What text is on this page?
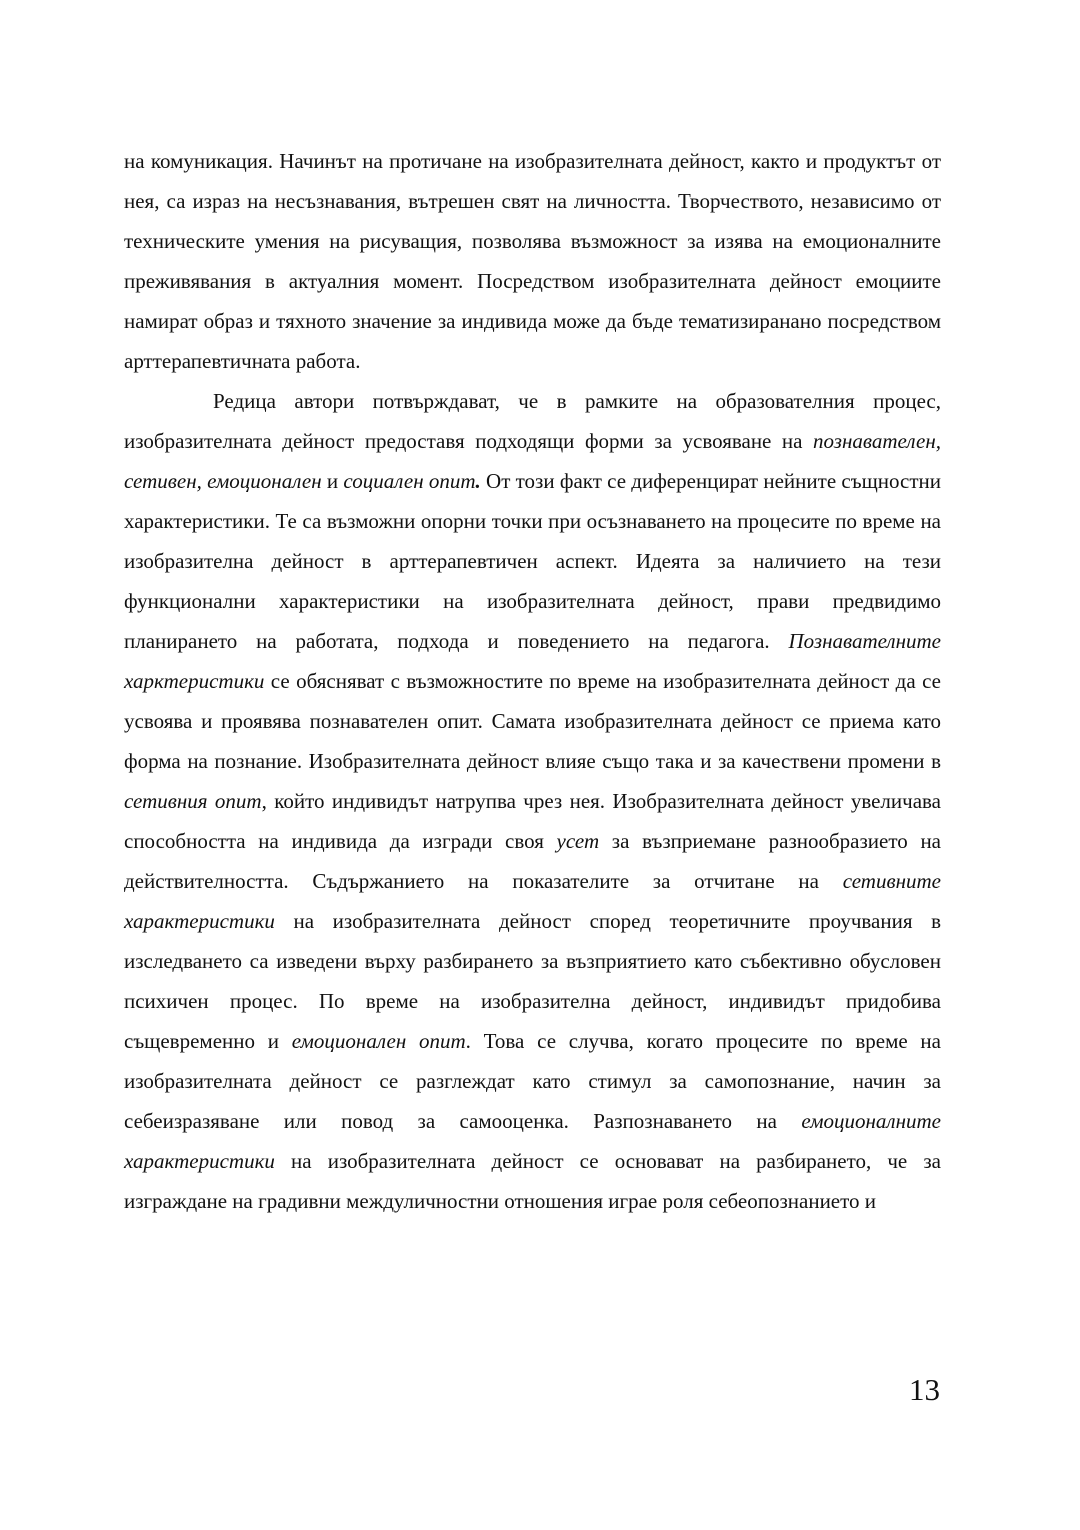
на комуникация. Начинът на протичане на изобразителната дейност, както и продуктът от нея, са израз на несъзнавания, вътрешен свят на личността. Творчеството, независимо от техническите умения на рисуващия, позволява възможност за изява на емоционалните преживявания в актуалния момент. Посредством изобразителната дейност емоциите намират образ и тяхното значение за индивида може да бъде тематизиранано посредством арттерапевтичната работа.

Редица автори потвърждават, че в рамките на образователния процес, изобразителната дейност предоставя подходящи форми за усвояване на познавателен, сетивен, емоционален и социален опит. От този факт се диференцират нейните същностни характеристики. Те са възможни опорни точки при осъзнаването на процесите по време на изобразителна дейност в арттерапевтичен аспект. Идеята за наличието на тези функционални характеристики на изобразителната дейност, прави предвидимо планирането на работата, подхода и поведението на педагога. Познавателните харктеристики се обясняват с възможностите по време на изобразителната дейност да се усвоява и проявява познавателен опит. Самата изобразителната дейност се приема като форма на познание. Изобразителната дейност влияе също така и за качествени промени в сетивния опит, който индивидът натрупва чрез нея. Изобразителната дейност увеличава способността на индивида да изгради своя усет за възприемане разнообразието на действителността. Съдържанието на показателите за отчитане на сетивните характеристики на изобразителната дейност според теоретичните проучвания в изследването са изведени върху разбирането за възприятието като събективно обусловен психичен процес. По време на изобразителна дейност, индивидът придобива същевременно и емоционален опит. Това се случва, когато процесите по време на изобразителната дейност се разглеждат като стимул за самопознание, начин за себеизразяване или повод за самооценка. Разпознаването на емоционалните характеристики на изобразителната дейност се основават на разбирането, че за изграждане на градивни междуличностни отношения играе роля себеопознанието и

13
